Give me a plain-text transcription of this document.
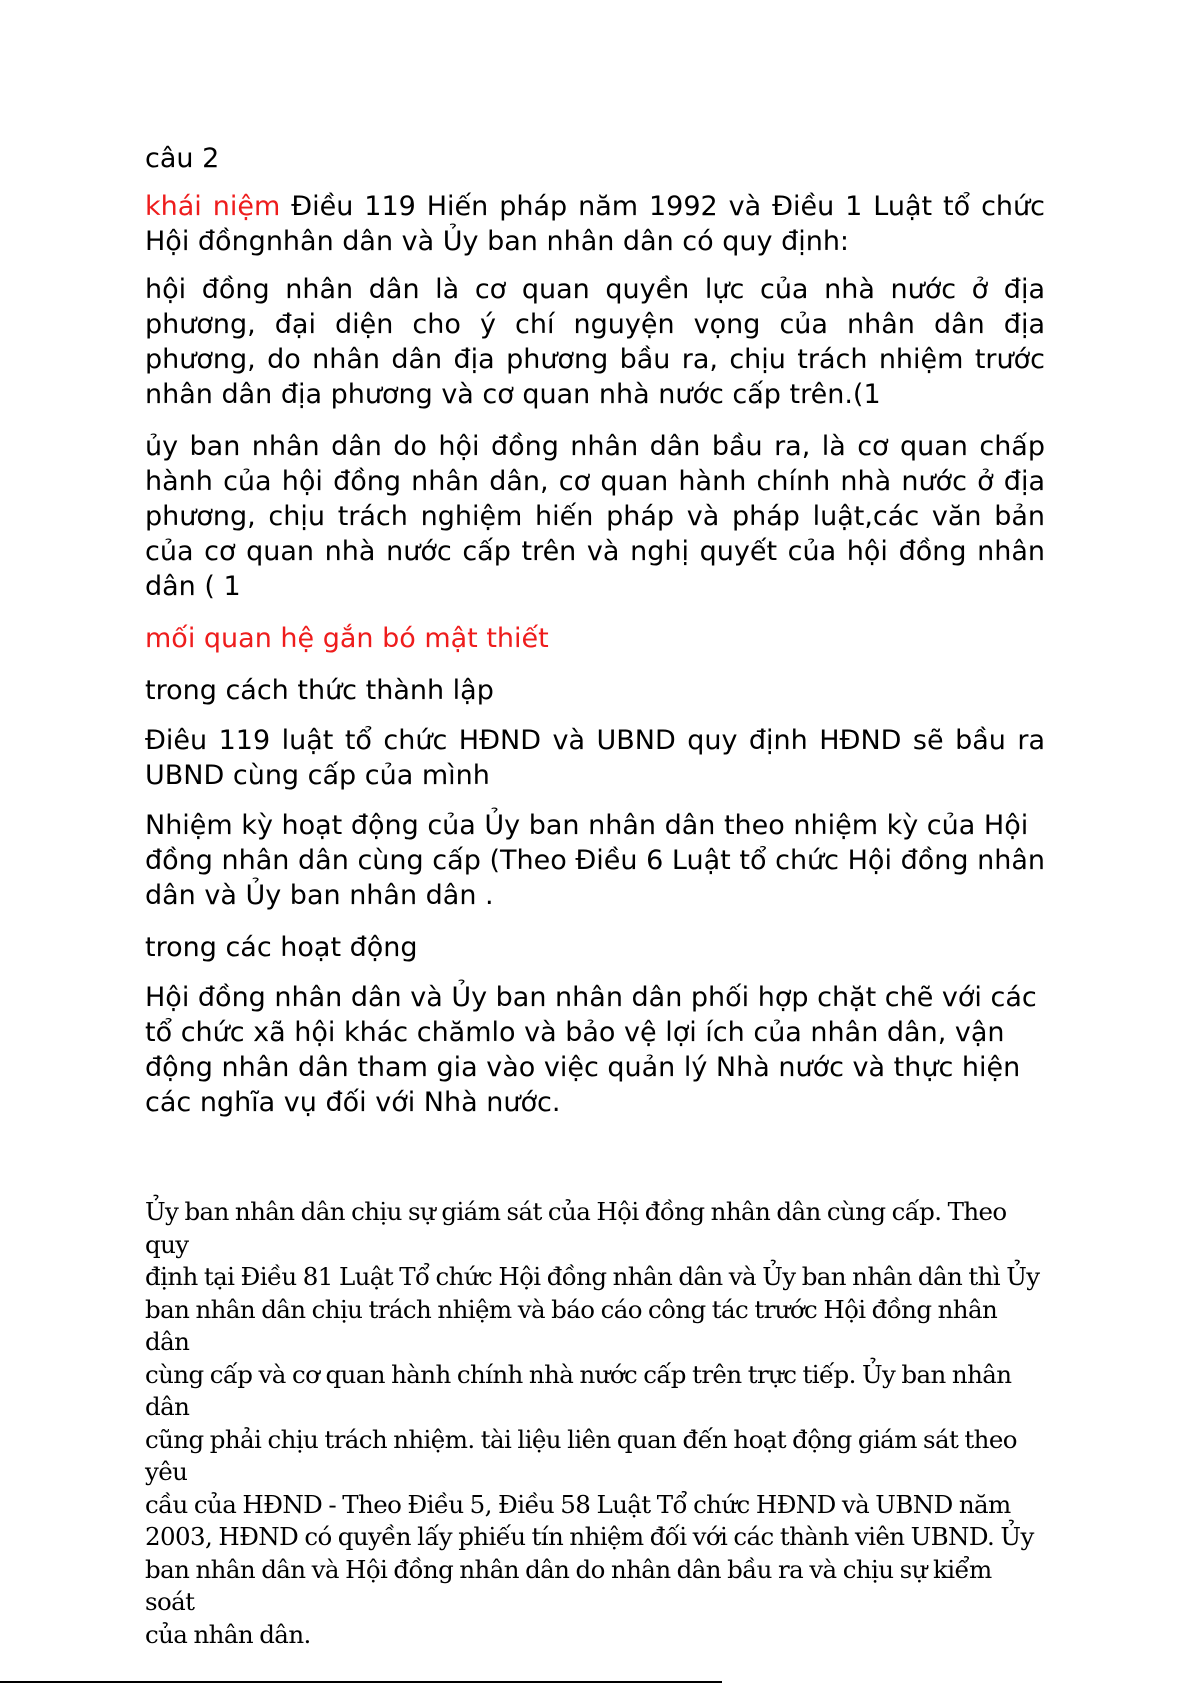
câu 2

khái niệm Điều 119 Hiến pháp năm 1992 và Điều 1 Luật tổ chức Hội đồngnhân dân và Ủy ban nhân dân có quy định:

hội đồng nhân dân là cơ quan quyền lực của nhà nước ở địa phương, đại diện cho ý chí nguyện vọng của nhân dân địa phương, do nhân dân địa phương bầu ra, chịu trách nhiệm trước nhân dân địa phương và cơ quan nhà nước cấp trên.(1

ủy ban nhân dân do hội đồng nhân dân bầu ra, là cơ quan chấp hành của hội đồng nhân dân, cơ quan hành chính nhà nước ở địa phương, chịu trách nghiệm hiến pháp và pháp luật,các văn bản của cơ quan nhà nước cấp trên và nghị quyết của hội đồng nhân dân ( 1

mối quan hệ gắn bó mật thiết

trong cách thức thành lập

Điêu 119 luật tổ chức HĐND và UBND quy định HĐND sẽ bầu ra UBND cùng cấp của mình

Nhiệm kỳ hoạt động của Ủy ban nhân dân theo nhiệm kỳ của Hội

đồng nhân dân cùng cấp (Theo Điều 6 Luật tổ chức Hội đồng nhân dân và Ủy ban nhân dân .

trong các hoạt động

Hội đồng nhân dân và Ủy ban nhân dân phối hợp chặt chẽ với các tổ chức xã hội khác chămlo và bảo vệ lợi ích của nhân dân, vận động nhân dân tham gia vào việc quản lý Nhà nước và thực hiện các nghĩa vụ đối với Nhà nước.

Ủy ban nhân dân chịu sự giám sát của Hội đồng nhân dân cùng cấp. Theo quy

định tại Điều 81 Luật Tổ chức Hội đồng nhân dân và Ủy ban nhân dân thì Ủy

ban nhân dân chịu trách nhiệm và báo cáo công tác trước Hội đồng nhân dân

cùng cấp và cơ quan hành chính nhà nước cấp trên trực tiếp. Ủy ban nhân dân

cũng phải chịu trách nhiệm. tài liệu liên quan đến hoạt động giám sát theo yêu

cầu của HĐND - Theo Điều 5, Điều 58 Luật Tổ chức HĐND và UBND năm

2003, HĐND có quyền lấy phiếu tín nhiệm đối với các thành viên UBND. Ủy

ban nhân dân và Hội đồng nhân dân do nhân dân bầu ra và chịu sự kiểm soát

của nhân dân.
